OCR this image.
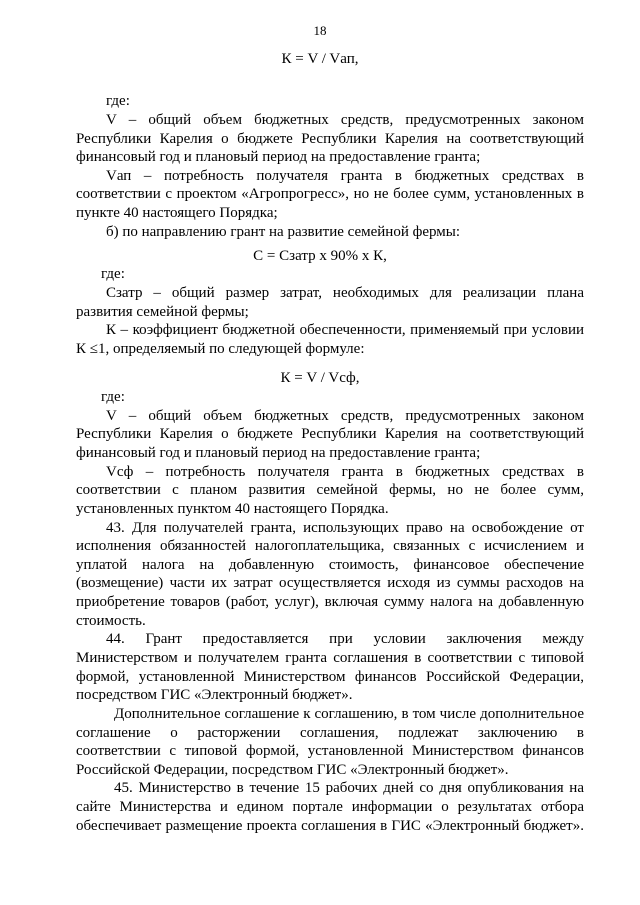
18
К = V / Vап,
где:
V – общий объем бюджетных средств, предусмотренных законом
Республики Карелия о бюджете Республики Карелия на соответствующий
финансовый год и плановый период на предоставление гранта;
Vап – потребность получателя гранта в бюджетных средствах в
соответствии с проектом «Агропрогресс», но не более сумм, установленных в
пункте 40 настоящего Порядка;
б) по направлению грант на развитие семейной фермы:
С = Сзатр х 90% х К,
где:
Сзатр – общий размер затрат, необходимых для реализации плана
развития семейной фермы;
К – коэффициент бюджетной обеспеченности, применяемый при условии
К ≤1, определяемый по следующей формуле:
К = V / Vсф,
где:
V – общий объем бюджетных средств, предусмотренных законом
Республики Карелия о бюджете Республики Карелия на соответствующий
финансовый год и плановый период на предоставление гранта;
Vсф – потребность получателя гранта в бюджетных средствах в
соответствии с планом развития семейной фермы, но не более сумм,
установленных пунктом 40 настоящего Порядка.
43. Для получателей гранта, использующих право на освобождение от
исполнения обязанностей налогоплательщика, связанных с исчислением и
уплатой налога на добавленную стоимость, финансовое обеспечение
(возмещение) части их затрат осуществляется исходя из суммы расходов на
приобретение товаров (работ, услуг), включая сумму налога на добавленную
стоимость.
44. Грант предоставляется при условии заключения между
Министерством и получателем гранта соглашения в соответствии с типовой
формой, установленной Министерством финансов Российской Федерации,
посредством ГИС «Электронный бюджет».
Дополнительное соглашение к соглашению, в том числе дополнительное
соглашение о расторжении соглашения, подлежат заключению в
соответствии с типовой формой, установленной Министерством финансов
Российской Федерации, посредством ГИС «Электронный бюджет».
45. Министерство в течение 15 рабочих дней со дня опубликования на
сайте Министерства и едином портале информации о результатах отбора
обеспечивает размещение проекта соглашения в ГИС «Электронный бюджет».
